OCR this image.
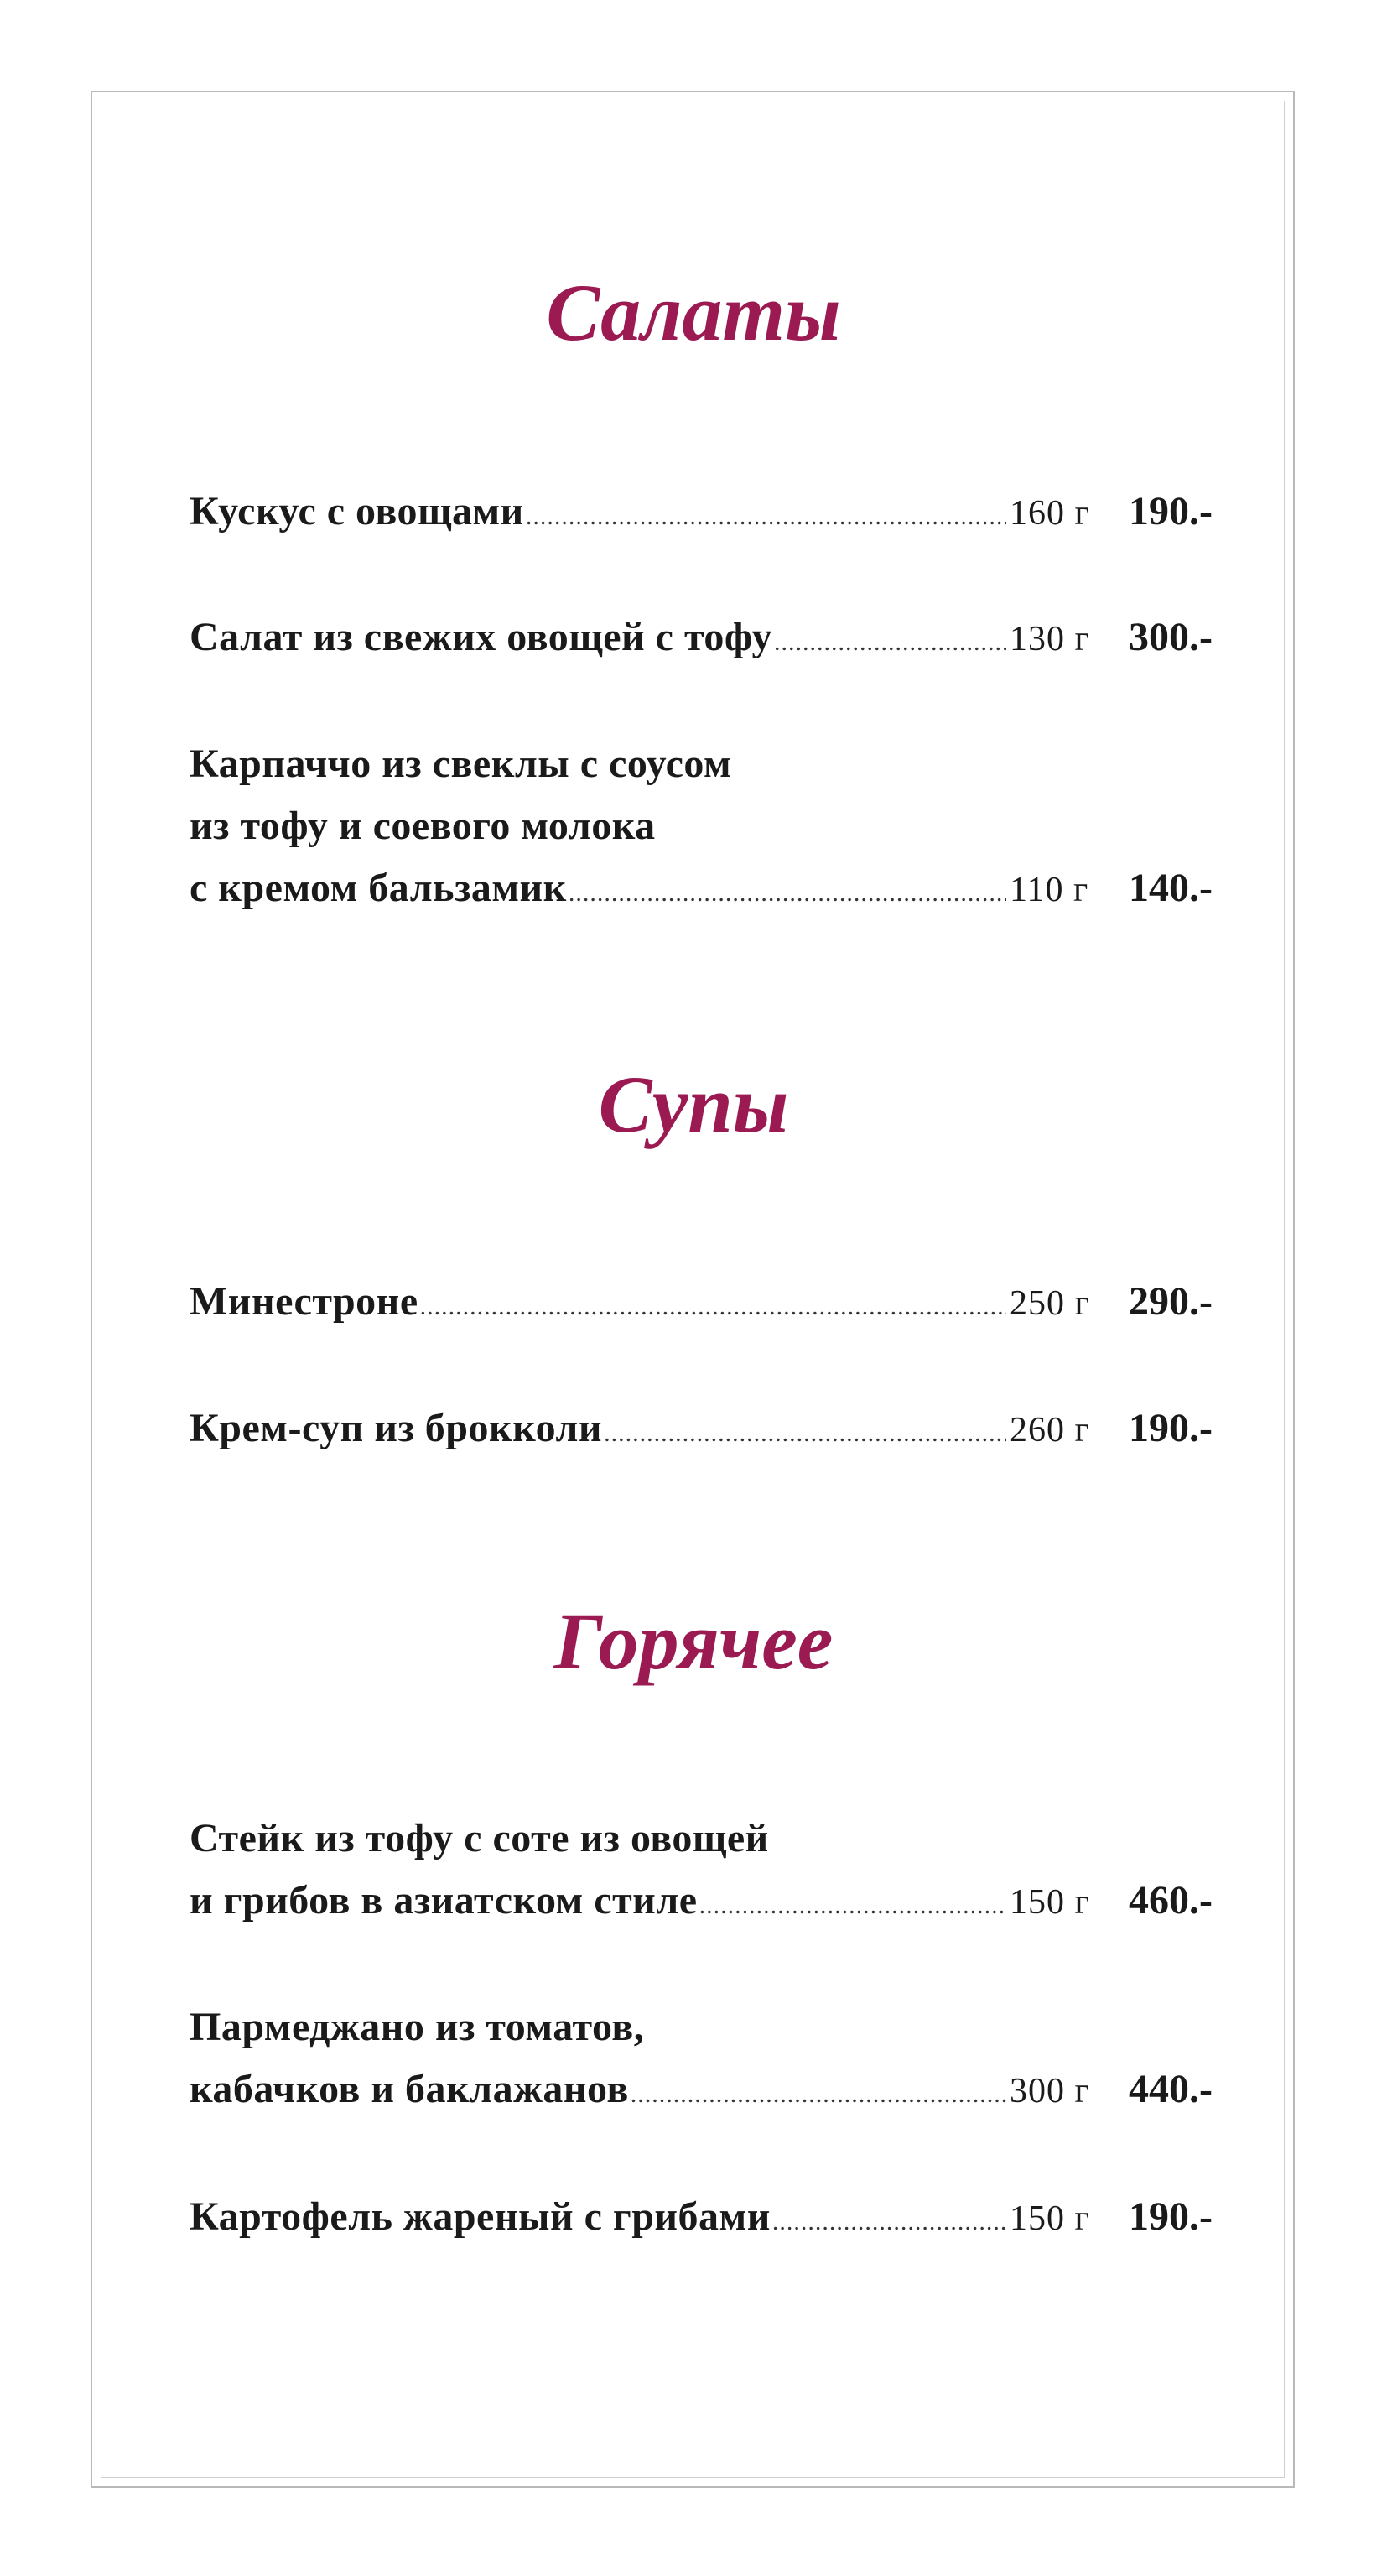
Салаты
Кускус с овощами .....	160 г 190.-
Салат из свежих овощей с тофу .....	130 г 300.-
Карпаччо из свеклы с соусом
из тофу и соевого молока
с кремом бальзамик .....	110 г 140.-
Супы
Минестроне .....	250 г 290.-
Крем-суп из брокколи .....	260 г 190.-
Горячее
Стейк из тофу с соте из овощей
и грибов в азиатском стиле .....	150 г 460.-
Пармеджано из томатов,
кабачков и баклажанов .....	300 г 440.-
Картофель жареный с грибами .....	150 г 190.-
